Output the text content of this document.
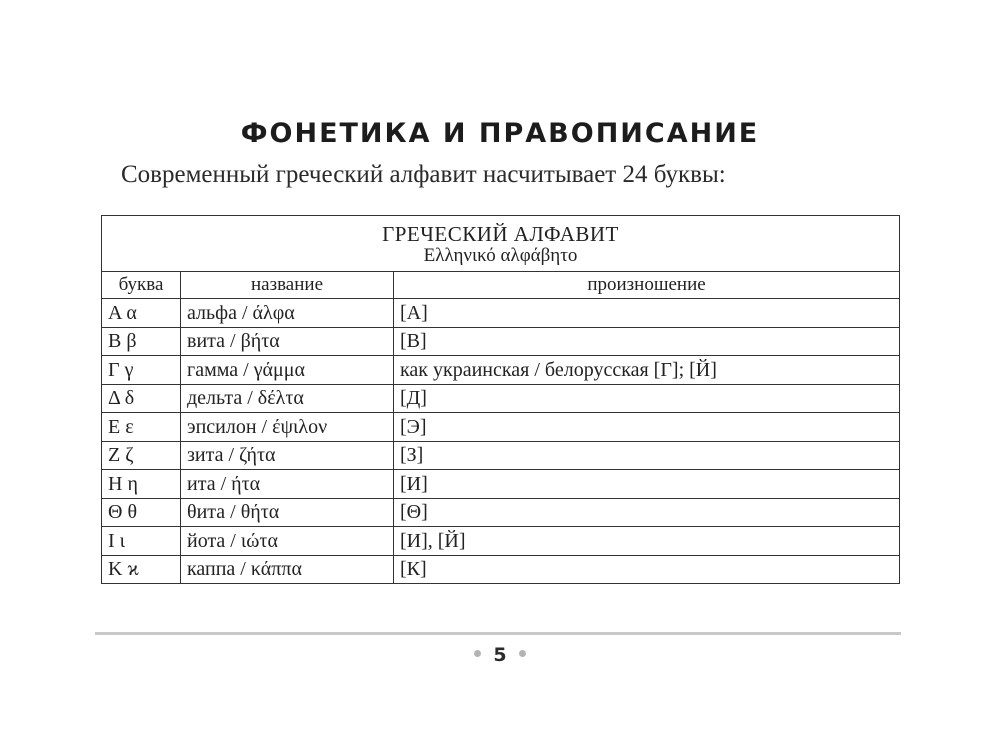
ФОНЕТИКА И ПРАВОПИСАНИЕ
Современный греческий алфавит насчитывает 24 буквы:
ГРЕЧЕСКИЙ АЛФАВИТ
Ελληνικό αλφάβητο		

буква	название	произношение
Α α	альфа / άλφα	[А]
Β β	вита / βήτα	[В]
Γ γ	гамма / γάμμα	как украинская / белорусская [Г]; [Й]
Δ δ	дельта / δέλτα	[Д]
Ε ε	эпсилон / έψιλον	[Э]
Ζ ζ	зита / ζήτα	[З]
Η η	ита / ήτα	[И]
Θ θ	θита / θήτα	[Θ]
Ι ι	йота / ιώτα	[И], [Й]
Κ ϰ	каппа / κάππα	[К]
5
